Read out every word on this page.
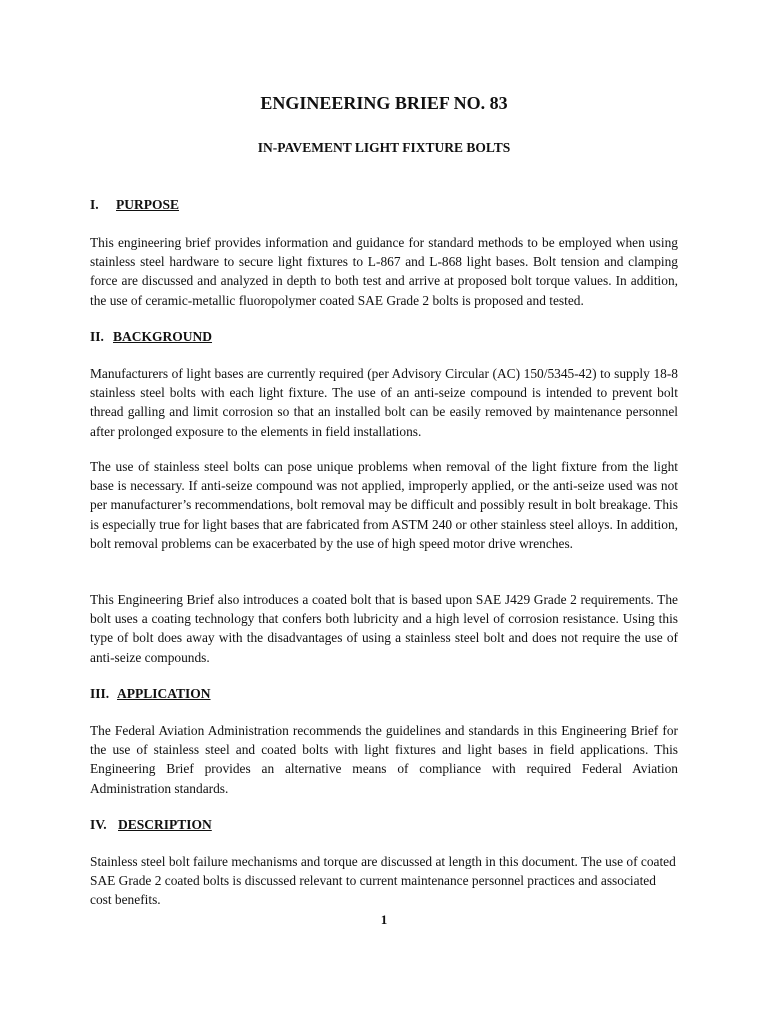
ENGINEERING BRIEF NO. 83
IN-PAVEMENT LIGHT FIXTURE BOLTS
I. PURPOSE
This engineering brief provides information and guidance for standard methods to be employed when using stainless steel hardware to secure light fixtures to L-867 and L-868 light bases. Bolt tension and clamping force are discussed and analyzed in depth to both test and arrive at proposed bolt torque values. In addition, the use of ceramic-metallic fluoropolymer coated SAE Grade 2 bolts is proposed and tested.
II. BACKGROUND
Manufacturers of light bases are currently required (per Advisory Circular (AC) 150/5345-42) to supply 18-8 stainless steel bolts with each light fixture. The use of an anti-seize compound is intended to prevent bolt thread galling and limit corrosion so that an installed bolt can be easily removed by maintenance personnel after prolonged exposure to the elements in field installations.
The use of stainless steel bolts can pose unique problems when removal of the light fixture from the light base is necessary. If anti-seize compound was not applied, improperly applied, or the anti-seize used was not per manufacturer’s recommendations, bolt removal may be difficult and possibly result in bolt breakage. This is especially true for light bases that are fabricated from ASTM 240 or other stainless steel alloys. In addition, bolt removal problems can be exacerbated by the use of high speed motor drive wrenches.
This Engineering Brief also introduces a coated bolt that is based upon SAE J429 Grade 2 requirements. The bolt uses a coating technology that confers both lubricity and a high level of corrosion resistance. Using this type of bolt does away with the disadvantages of using a stainless steel bolt and does not require the use of anti-seize compounds.
III. APPLICATION
The Federal Aviation Administration recommends the guidelines and standards in this Engineering Brief for the use of stainless steel and coated bolts with light fixtures and light bases in field applications. This Engineering Brief provides an alternative means of compliance with required Federal Aviation Administration standards.
IV. DESCRIPTION
Stainless steel bolt failure mechanisms and torque are discussed at length in this document. The use of coated SAE Grade 2 coated bolts is discussed relevant to current maintenance personnel practices and associated cost benefits.
1
